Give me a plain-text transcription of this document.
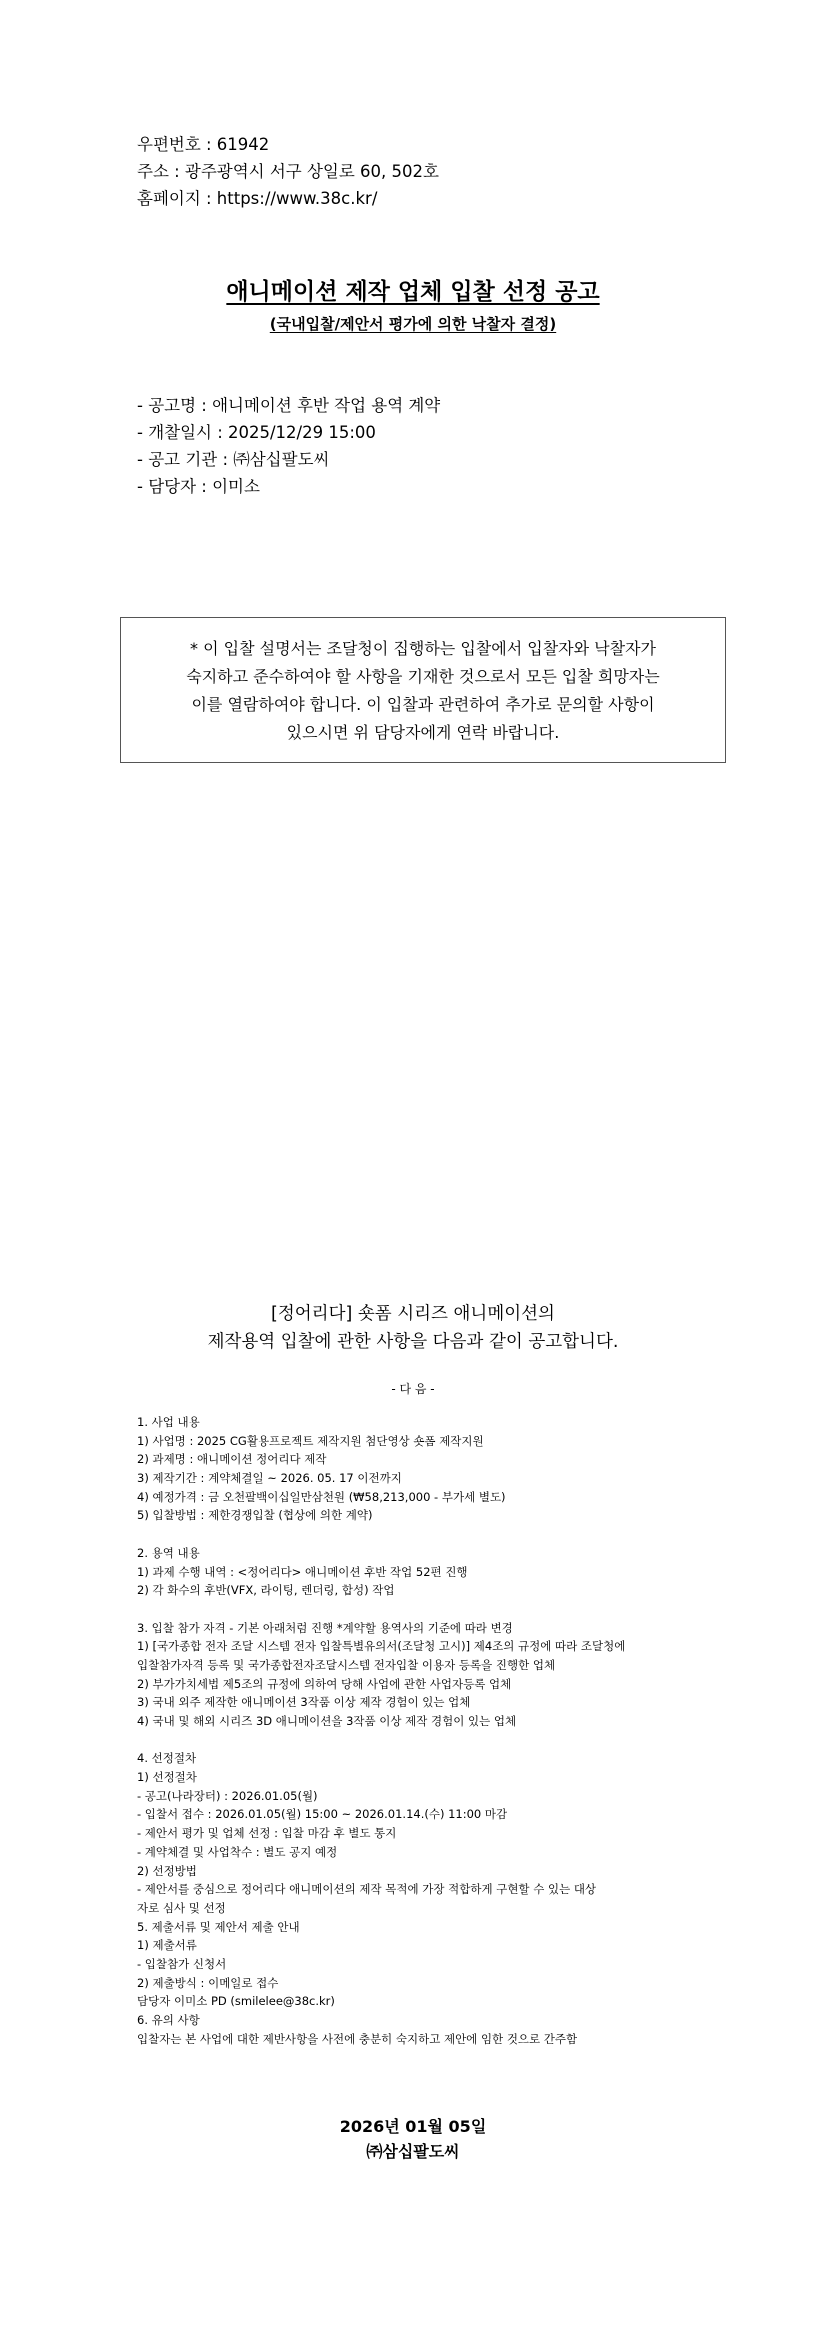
우편번호 : 61942
주소 : 광주광역시 서구 상일로 60, 502호
홈페이지 : https://www.38c.kr/
애니메이션 제작 업체 입찰 선정 공고
(국내입찰/제안서 평가에 의한 낙찰자 결정)
- 공고명 : 애니메이션 후반 작업 용역 계약
- 개찰일시 : 2025/12/29 15:00
- 공고 기관 : ㈜삼십팔도씨
- 담당자 : 이미소
* 이 입찰 설명서는 조달청이 집행하는 입찰에서 입찰자와 낙찰자가
숙지하고 준수하여야 할 사항을 기재한 것으로서 모든 입찰 희망자는
이를 열람하여야 합니다. 이 입찰과 관련하여 추가로 문의할 사항이
있으시면 위 담당자에게 연락 바랍니다.
[정어리다] 숏폼 시리즈 애니메이션의
제작용역 입찰에 관한 사항을 다음과 같이 공고합니다.
- 다 음 -
1. 사업 내용
1) 사업명 : 2025 CG활용프로젝트 제작지원 첨단영상 숏폼 제작지원
2) 과제명 : 애니메이션 정어리다 제작
3) 제작기간 : 계약체결일 ~ 2026. 05. 17 이전까지
4) 예정가격 : 금 오천팔백이십일만삼천원 (₩58,213,000 - 부가세 별도)
5) 입찰방법 : 제한경쟁입찰 (협상에 의한 계약)
2. 용역 내용
1) 과제 수행 내역 : <정어리다> 애니메이션 후반 작업 52편 진행
2) 각 화수의 후반(VFX, 라이팅, 렌더링, 합성) 작업
3. 입찰 참가 자격 - 기본 아래처럼 진행 *계약할 용역사의 기준에 따라 변경
1) [국가종합 전자 조달 시스템 전자 입찰특별유의서(조달청 고시)] 제4조의 규정에 따라 조달청에
입찰참가자격 등록 및 국가종합전자조달시스템 전자입찰 이용자 등록을 진행한 업체
2) 부가가치세법 제5조의 규정에 의하여 당해 사업에 관한 사업자등록 업체
3) 국내 외주 제작한 애니메이션 3작품 이상 제작 경험이 있는 업체
4) 국내 및 해외 시리즈 3D 애니메이션을 3작품 이상 제작 경험이 있는 업체
4. 선정절차
1) 선정절차
- 공고(나라장터) : 2026.01.05(월)
- 입찰서 접수 : 2026.01.05(월) 15:00 ~ 2026.01.14.(수) 11:00 마감
- 제안서 평가 및 업체 선정 : 입찰 마감 후 별도 통지
- 계약체결 및 사업착수 : 별도 공지 예정
2) 선정방법
- 제안서를 중심으로 정어리다 애니메이션의 제작 목적에 가장 적합하게 구현할 수 있는 대상
자로 심사 및 선정
5. 제출서류 및 제안서 제출 안내
1) 제출서류
- 입찰참가 신청서
2) 제출방식 : 이메일로 접수
담당자 이미소 PD (smilelee@38c.kr)
6. 유의 사항
입찰자는 본 사업에 대한 제반사항을 사전에 충분히 숙지하고 제안에 임한 것으로 간주함
2026년 01월 05일
㈜삼십팔도씨
